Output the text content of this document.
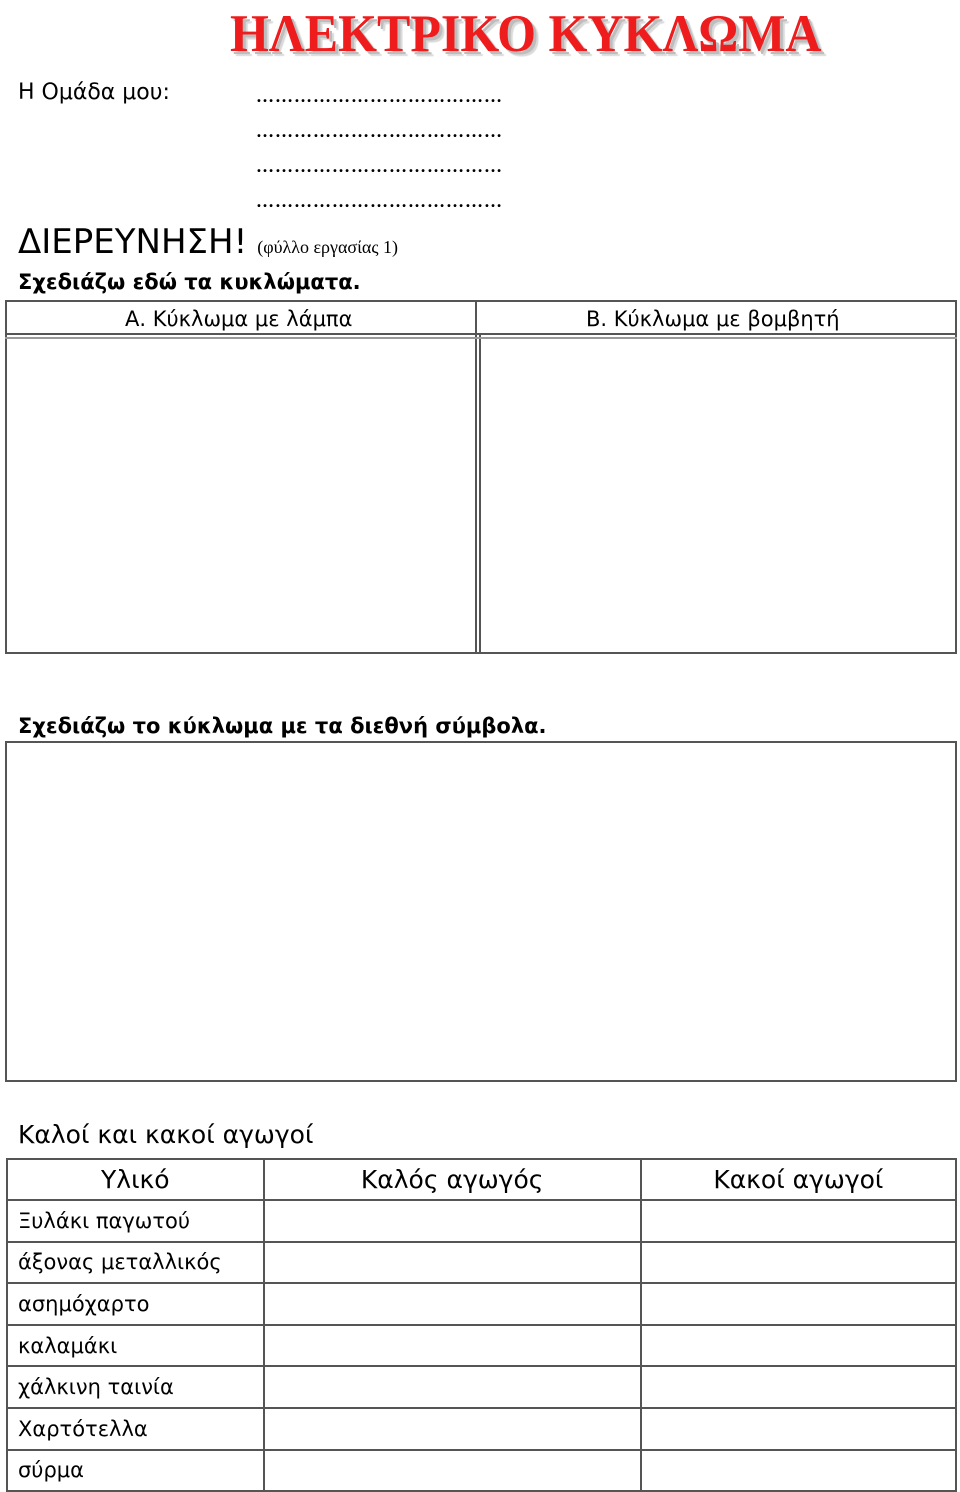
ΗΛΕΚΤΡΙΚΟ ΚΥΚΛΩΜΑ
Η Ομάδα μου:	…………………………………
…………………………………
…………………………………
…………………………………
ΔΙΕΡΕΥΝΗΣΗ! (φύλλο εργασίας 1)
Σχεδιάζω εδώ τα κυκλώματα.
Α. Κύκλωμα με λάμπα	Β. Κύκλωμα με βομβητή
Σχεδιάζω το κύκλωμα με τα διεθνή σύμβολα.
Καλοί και κακοί αγωγοί
Υλικό	Καλός αγωγός	Κακοί αγωγοί
Ξυλάκι παγωτού		
άξονας μεταλλικός		
ασημόχαρτο		
καλαμάκι		
χάλκινη ταινία		
Χαρτότελλα		
σύρμα		
